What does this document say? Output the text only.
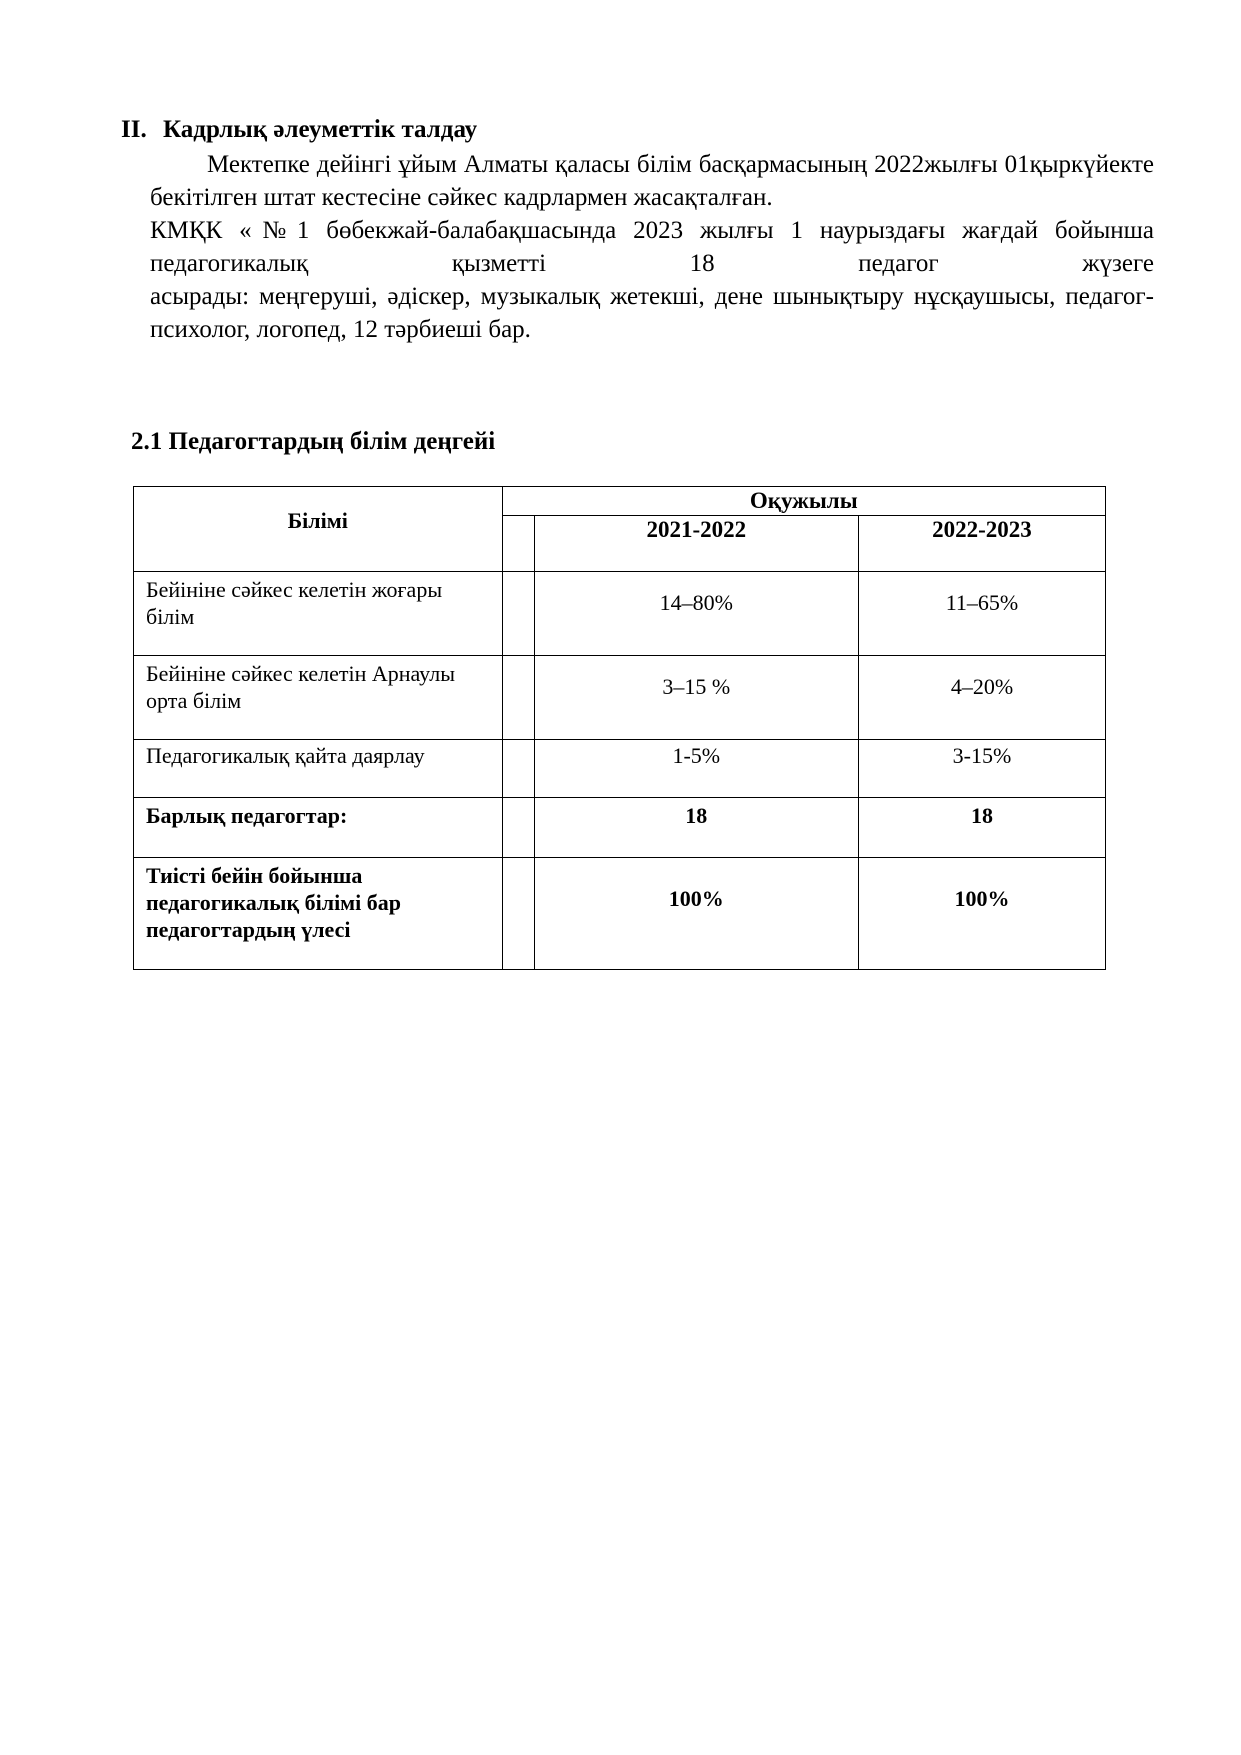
II. Кадрлық әлеуметтік талдау
Мектепке дейінгі ұйым Алматы қаласы білім басқармасының 2022жылғы 01қыркүйекте бекітілген штат кестесіне сәйкес кадрлармен жасақталған.
КМҚК «№1 бөбекжай-балабақшасында 2023 жылғы 1 наурыздағы жағдай бойынша педагогикалық қызметті 18 педагог жүзеге
асырады: меңгеруші, әдіскер, музыкалық жетекші, дене шынықтыру нұсқаушысы, педагог-психолог, логопед, 12 тәрбиеші бар.
2.1 Педагогтардың білім деңгейі
Білімі	Оқужылы		
		2021-2022	2022-2023
Бейініне сәйкес келетін жоғары білім		14–80%	11–65%
Бейініне сәйкес келетін Арнаулы орта білім		3–15 %	4–20%
Педагогикалық қайта даярлау		1-5%	3-15%
Барлық педагогтар:		18	18
Тиісті бейін бойынша педагогикалық білімі бар педагогтардың үлесі		100%	100%
